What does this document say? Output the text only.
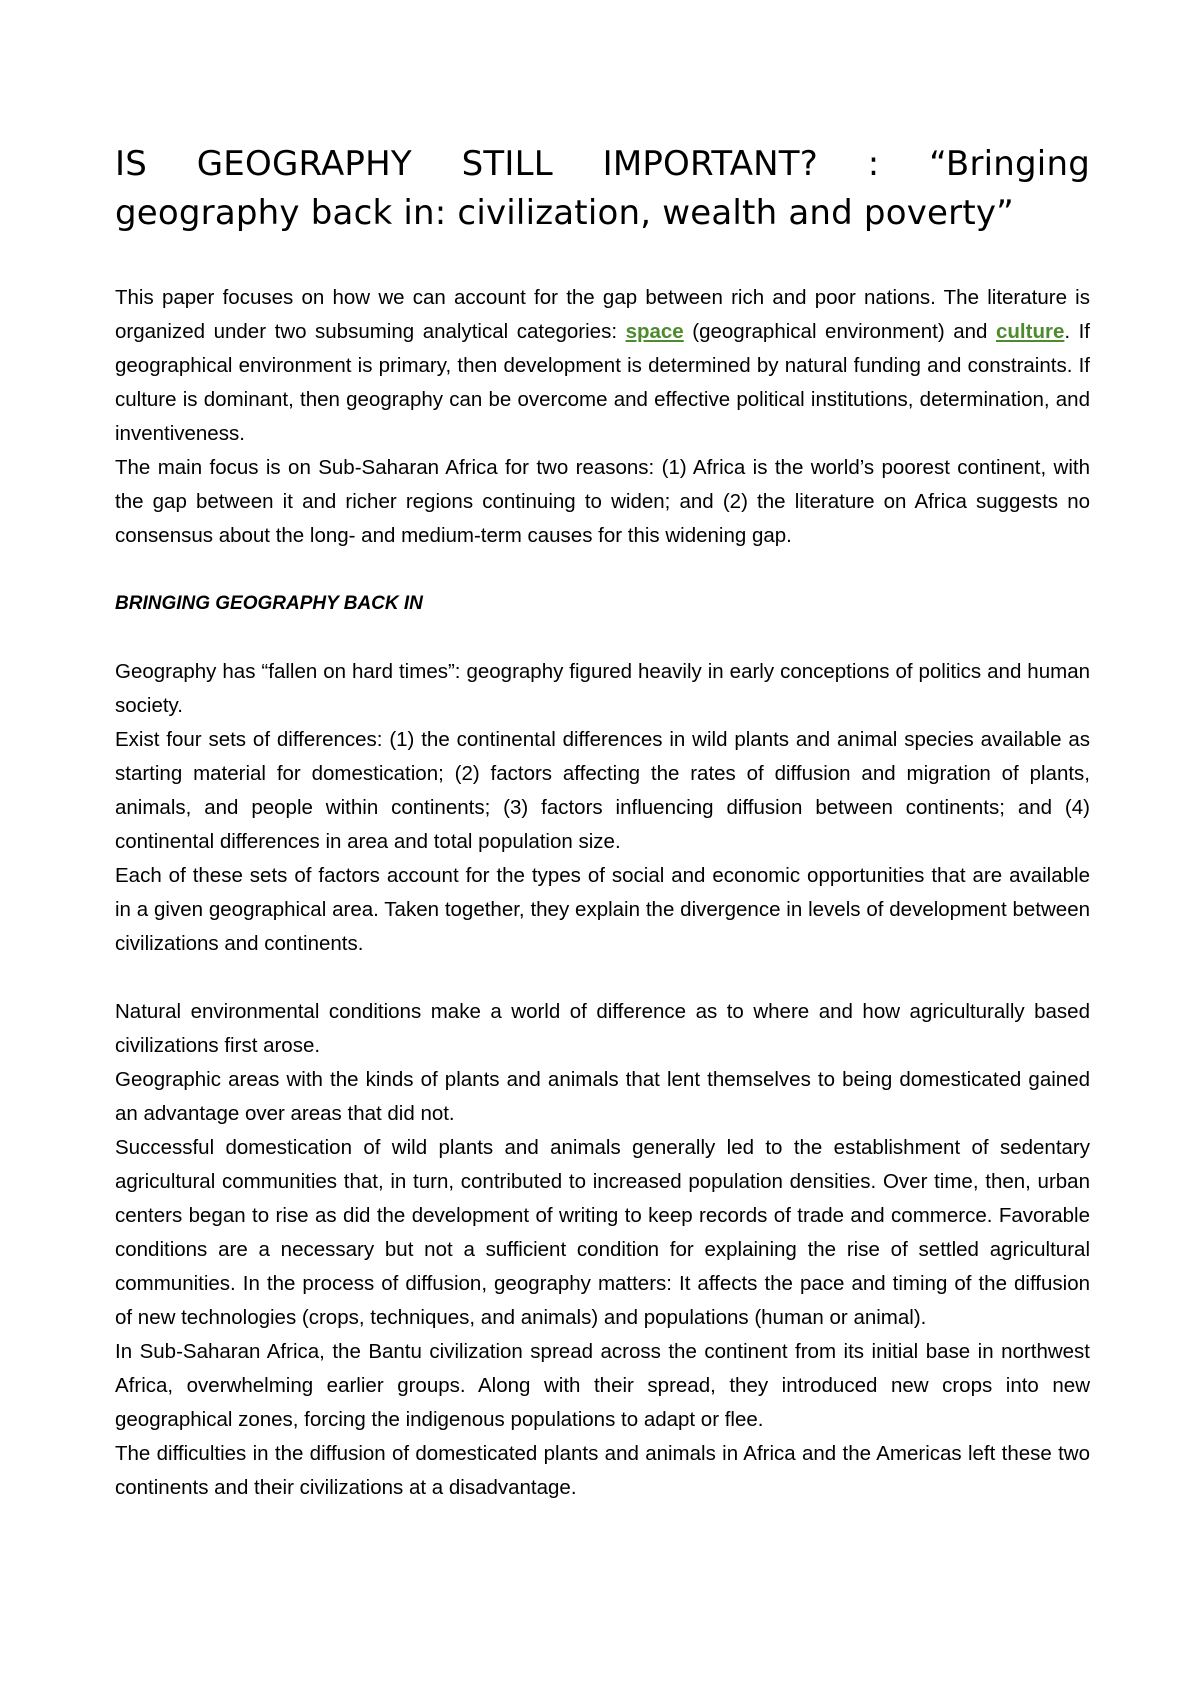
IS GEOGRAPHY STILL IMPORTANT? : “Bringing geography back in: civilization, wealth and poverty”

This paper focuses on how we can account for the gap between rich and poor nations. The literature is organized under two subsuming analytical categories: space (geographical environment) and culture. If geographical environment is primary, then development is determined by natural funding and constraints. If culture is dominant, then geography can be overcome and effective political institutions, determination, and inventiveness.

The main focus is on Sub-Saharan Africa for two reasons: (1) Africa is the world’s poorest continent, with the gap between it and richer regions continuing to widen; and (2) the literature on Africa suggests no consensus about the long- and medium-term causes for this widening gap.

BRINGING GEOGRAPHY BACK IN

Geography has “fallen on hard times”: geography figured heavily in early conceptions of politics and human society.

Exist four sets of differences: (1) the continental differences in wild plants and animal species available as starting material for domestication; (2) factors affecting the rates of diffusion and migration of plants, animals, and people within continents; (3) factors influencing diffusion between continents; and (4) continental differences in area and total population size.

Each of these sets of factors account for the types of social and economic opportunities that are available in a given geographical area. Taken together, they explain the divergence in levels of development between civilizations and continents.

Natural environmental conditions make a world of difference as to where and how agriculturally based civilizations first arose.

Geographic areas with the kinds of plants and animals that lent themselves to being domesticated gained an advantage over areas that did not.

Successful domestication of wild plants and animals generally led to the establishment of sedentary agricultural communities that, in turn, contributed to increased population densities. Over time, then, urban centers began to rise as did the development of writing to keep records of trade and commerce. Favorable conditions are a necessary but not a sufficient condition for explaining the rise of settled agricultural communities. In the process of diffusion, geography matters: It affects the pace and timing of the diffusion of new technologies (crops, techniques, and animals) and populations (human or animal).

In Sub-Saharan Africa, the Bantu civilization spread across the continent from its initial base in northwest Africa, overwhelming earlier groups. Along with their spread, they introduced new crops into new geographical zones, forcing the indigenous populations to adapt or flee.

The difficulties in the diffusion of domesticated plants and animals in Africa and the Americas left these two continents and their civilizations at a disadvantage.
